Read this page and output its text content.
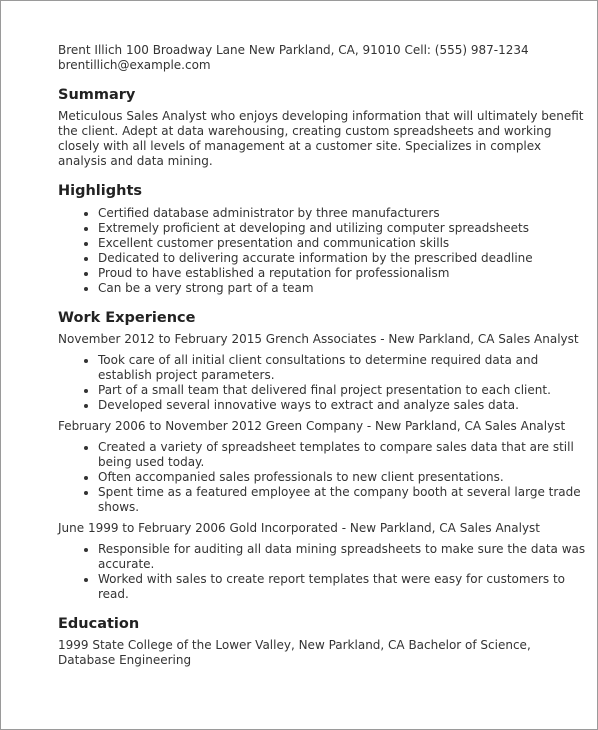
Brent Illich 100 Broadway Lane New Parkland, CA, 91010 Cell: (555) 987-1234

brentillich@example.com

Summary

Meticulous Sales Analyst who enjoys developing information that will ultimately benefit the client. Adept at data warehousing, creating custom spreadsheets and working closely with all levels of management at a customer site. Specializes in complex analysis and data mining.

Highlights
• Certified database administrator by three manufacturers
• Extremely proficient at developing and utilizing computer spreadsheets
• Excellent customer presentation and communication skills
• Dedicated to delivering accurate information by the prescribed deadline
• Proud to have established a reputation for professionalism
• Can be a very strong part of a team
Work Experience

November 2012 to February 2015 Grench Associates - New Parkland, CA Sales Analyst

• Took care of all initial client consultations to determine required data and establish project parameters.
• Part of a small team that delivered final project presentation to each client.
• Developed several innovative ways to extract and analyze sales data.

February 2006 to November 2012 Green Company - New Parkland, CA Sales Analyst

• Created a variety of spreadsheet templates to compare sales data that are still being used today.
• Often accompanied sales professionals to new client presentations.
• Spent time as a featured employee at the company booth at several large trade shows.

June 1999 to February 2006 Gold Incorporated - New Parkland, CA Sales Analyst

• Responsible for auditing all data mining spreadsheets to make sure the data was accurate.
• Worked with sales to create report templates that were easy for customers to read.
Education

1999 State College of the Lower Valley, New Parkland, CA Bachelor of Science, Database Engineering
